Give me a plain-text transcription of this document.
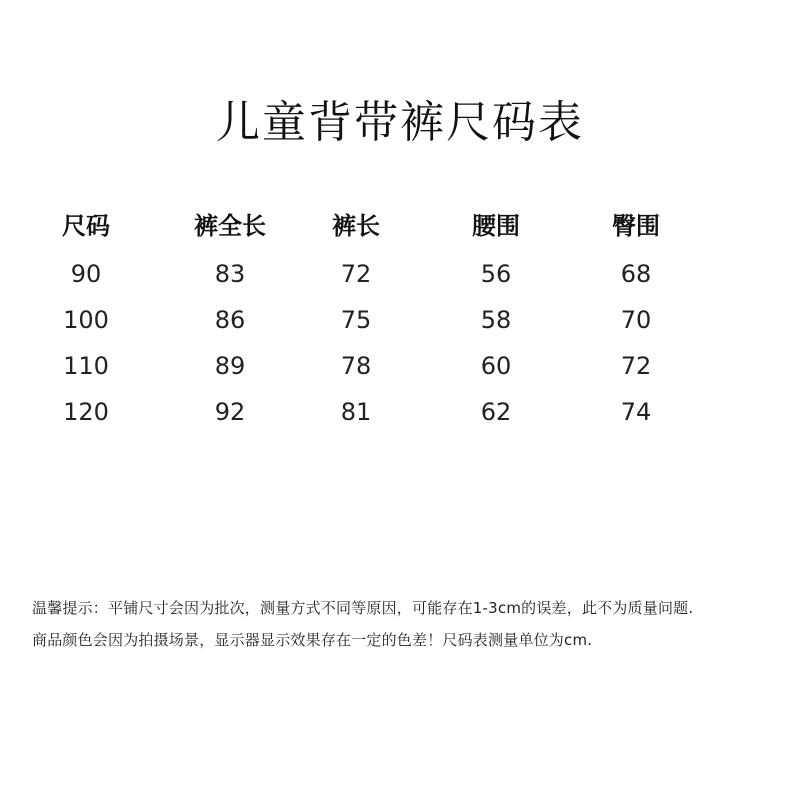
儿童背带裤尺码表
尺码	裤全长	裤长	腰围	臀围
90	83	72	56	68
100	86	75	58	70
110	89	78	60	72
120	92	81	62	74
温馨提示：平铺尺寸会因为批次，测量方式不同等原因，可能存在1-3cm的误差，此不为质量问题.
商品颜色会因为拍摄场景，显示器显示效果存在一定的色差！尺码表测量单位为cm.
